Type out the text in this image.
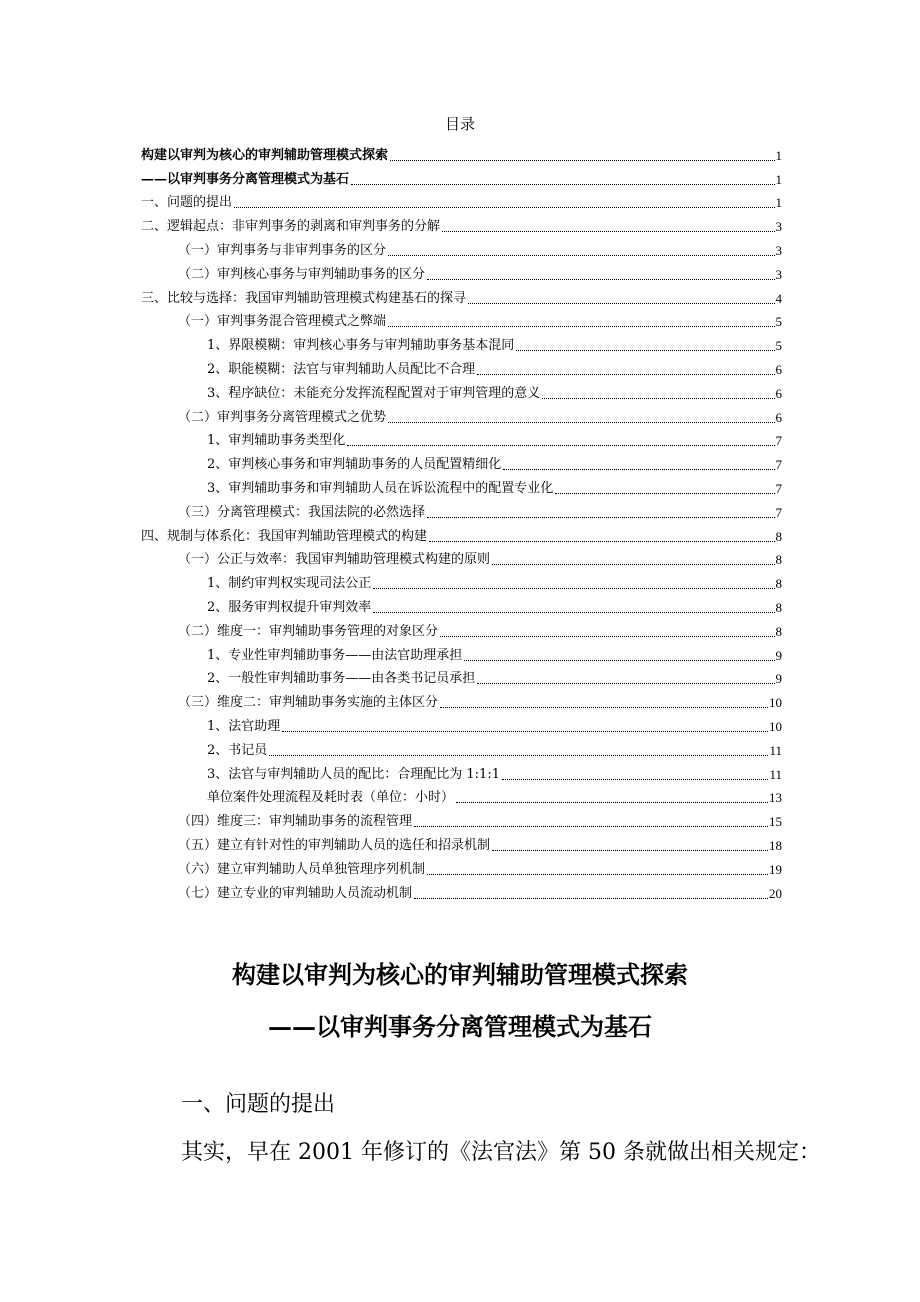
目录
构建以审判为核心的审判辅助管理模式探索	1
——以审判事务分离管理模式为基石	1
一、问题的提出	1
二、逻辑起点：非审判事务的剥离和审判事务的分解	3
（一）审判事务与非审判事务的区分	3
（二）审判核心事务与审判辅助事务的区分	3
三、比较与选择：我国审判辅助管理模式构建基石的探寻	4
（一）审判事务混合管理模式之弊端	5
1、界限模糊：审判核心事务与审判辅助事务基本混同	5
2、职能模糊：法官与审判辅助人员配比不合理	6
3、程序缺位：未能充分发挥流程配置对于审判管理的意义	6
（二）审判事务分离管理模式之优势	6
1、审判辅助事务类型化	7
2、审判核心事务和审判辅助事务的人员配置精细化	7
3、审判辅助事务和审判辅助人员在诉讼流程中的配置专业化	7
（三）分离管理模式：我国法院的必然选择	7
四、规制与体系化：我国审判辅助管理模式的构建	8
（一）公正与效率：我国审判辅助管理模式构建的原则	8
1、制约审判权实现司法公正	8
2、服务审判权提升审判效率	8
（二）维度一：审判辅助事务管理的对象区分	8
1、专业性审判辅助事务——由法官助理承担	9
2、一般性审判辅助事务——由各类书记员承担	9
（三）维度二：审判辅助事务实施的主体区分	10
1、法官助理	10
2、书记员	11
3、法官与审判辅助人员的配比：合理配比为 1:1:1	11
单位案件处理流程及耗时表（单位：小时）	13
（四）维度三：审判辅助事务的流程管理	15
（五）建立有针对性的审判辅助人员的选任和招录机制	18
（六）建立审判辅助人员单独管理序列机制	19
（七）建立专业的审判辅助人员流动机制	20
构建以审判为核心的审判辅助管理模式探索
——以审判事务分离管理模式为基石
一、问题的提出
其实，早在 2001 年修订的《法官法》第 50 条就做出相关规定：
